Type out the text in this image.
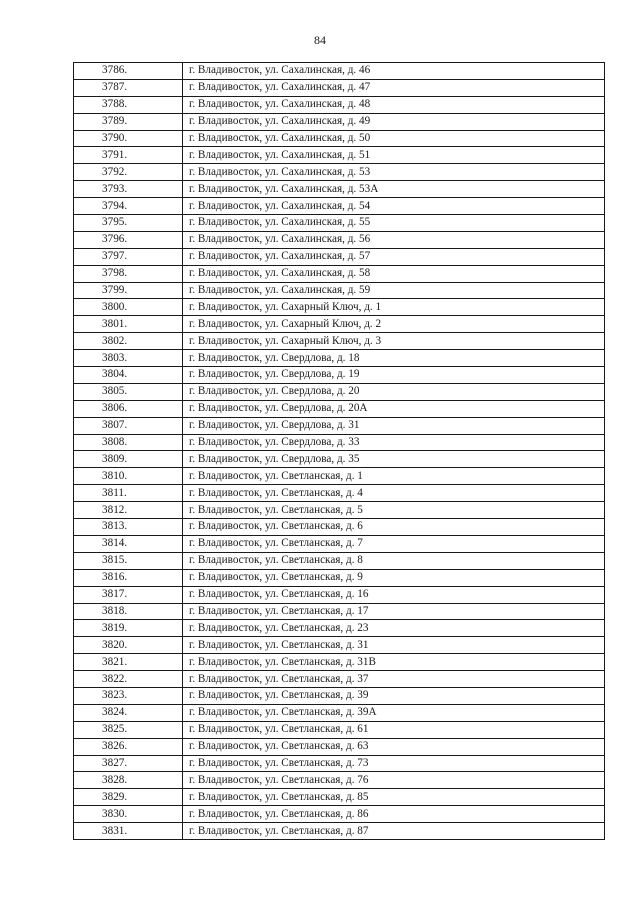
84
3786.	г. Владивосток, ул. Сахалинская, д. 46
3787.	г. Владивосток, ул. Сахалинская, д. 47
3788.	г. Владивосток, ул. Сахалинская, д. 48
3789.	г. Владивосток, ул. Сахалинская, д. 49
3790.	г. Владивосток, ул. Сахалинская, д. 50
3791.	г. Владивосток, ул. Сахалинская, д. 51
3792.	г. Владивосток, ул. Сахалинская, д. 53
3793.	г. Владивосток, ул. Сахалинская, д. 53А
3794.	г. Владивосток, ул. Сахалинская, д. 54
3795.	г. Владивосток, ул. Сахалинская, д. 55
3796.	г. Владивосток, ул. Сахалинская, д. 56
3797.	г. Владивосток, ул. Сахалинская, д. 57
3798.	г. Владивосток, ул. Сахалинская, д. 58
3799.	г. Владивосток, ул. Сахалинская, д. 59
3800.	г. Владивосток, ул. Сахарный Ключ, д. 1
3801.	г. Владивосток, ул. Сахарный Ключ, д. 2
3802.	г. Владивосток, ул. Сахарный Ключ, д. 3
3803.	г. Владивосток, ул. Свердлова, д. 18
3804.	г. Владивосток, ул. Свердлова, д. 19
3805.	г. Владивосток, ул. Свердлова, д. 20
3806.	г. Владивосток, ул. Свердлова, д. 20А
3807.	г. Владивосток, ул. Свердлова, д. 31
3808.	г. Владивосток, ул. Свердлова, д. 33
3809.	г. Владивосток, ул. Свердлова, д. 35
3810.	г. Владивосток, ул. Светланская, д. 1
3811.	г. Владивосток, ул. Светланская, д. 4
3812.	г. Владивосток, ул. Светланская, д. 5
3813.	г. Владивосток, ул. Светланская, д. 6
3814.	г. Владивосток, ул. Светланская, д. 7
3815.	г. Владивосток, ул. Светланская, д. 8
3816.	г. Владивосток, ул. Светланская, д. 9
3817.	г. Владивосток, ул. Светланская, д. 16
3818.	г. Владивосток, ул. Светланская, д. 17
3819.	г. Владивосток, ул. Светланская, д. 23
3820.	г. Владивосток, ул. Светланская, д. 31
3821.	г. Владивосток, ул. Светланская, д. 31В
3822.	г. Владивосток, ул. Светланская, д. 37
3823.	г. Владивосток, ул. Светланская, д. 39
3824.	г. Владивосток, ул. Светланская, д. 39А
3825.	г. Владивосток, ул. Светланская, д. 61
3826.	г. Владивосток, ул. Светланская, д. 63
3827.	г. Владивосток, ул. Светланская, д. 73
3828.	г. Владивосток, ул. Светланская, д. 76
3829.	г. Владивосток, ул. Светланская, д. 85
3830.	г. Владивосток, ул. Светланская, д. 86
3831.	г. Владивосток, ул. Светланская, д. 87
